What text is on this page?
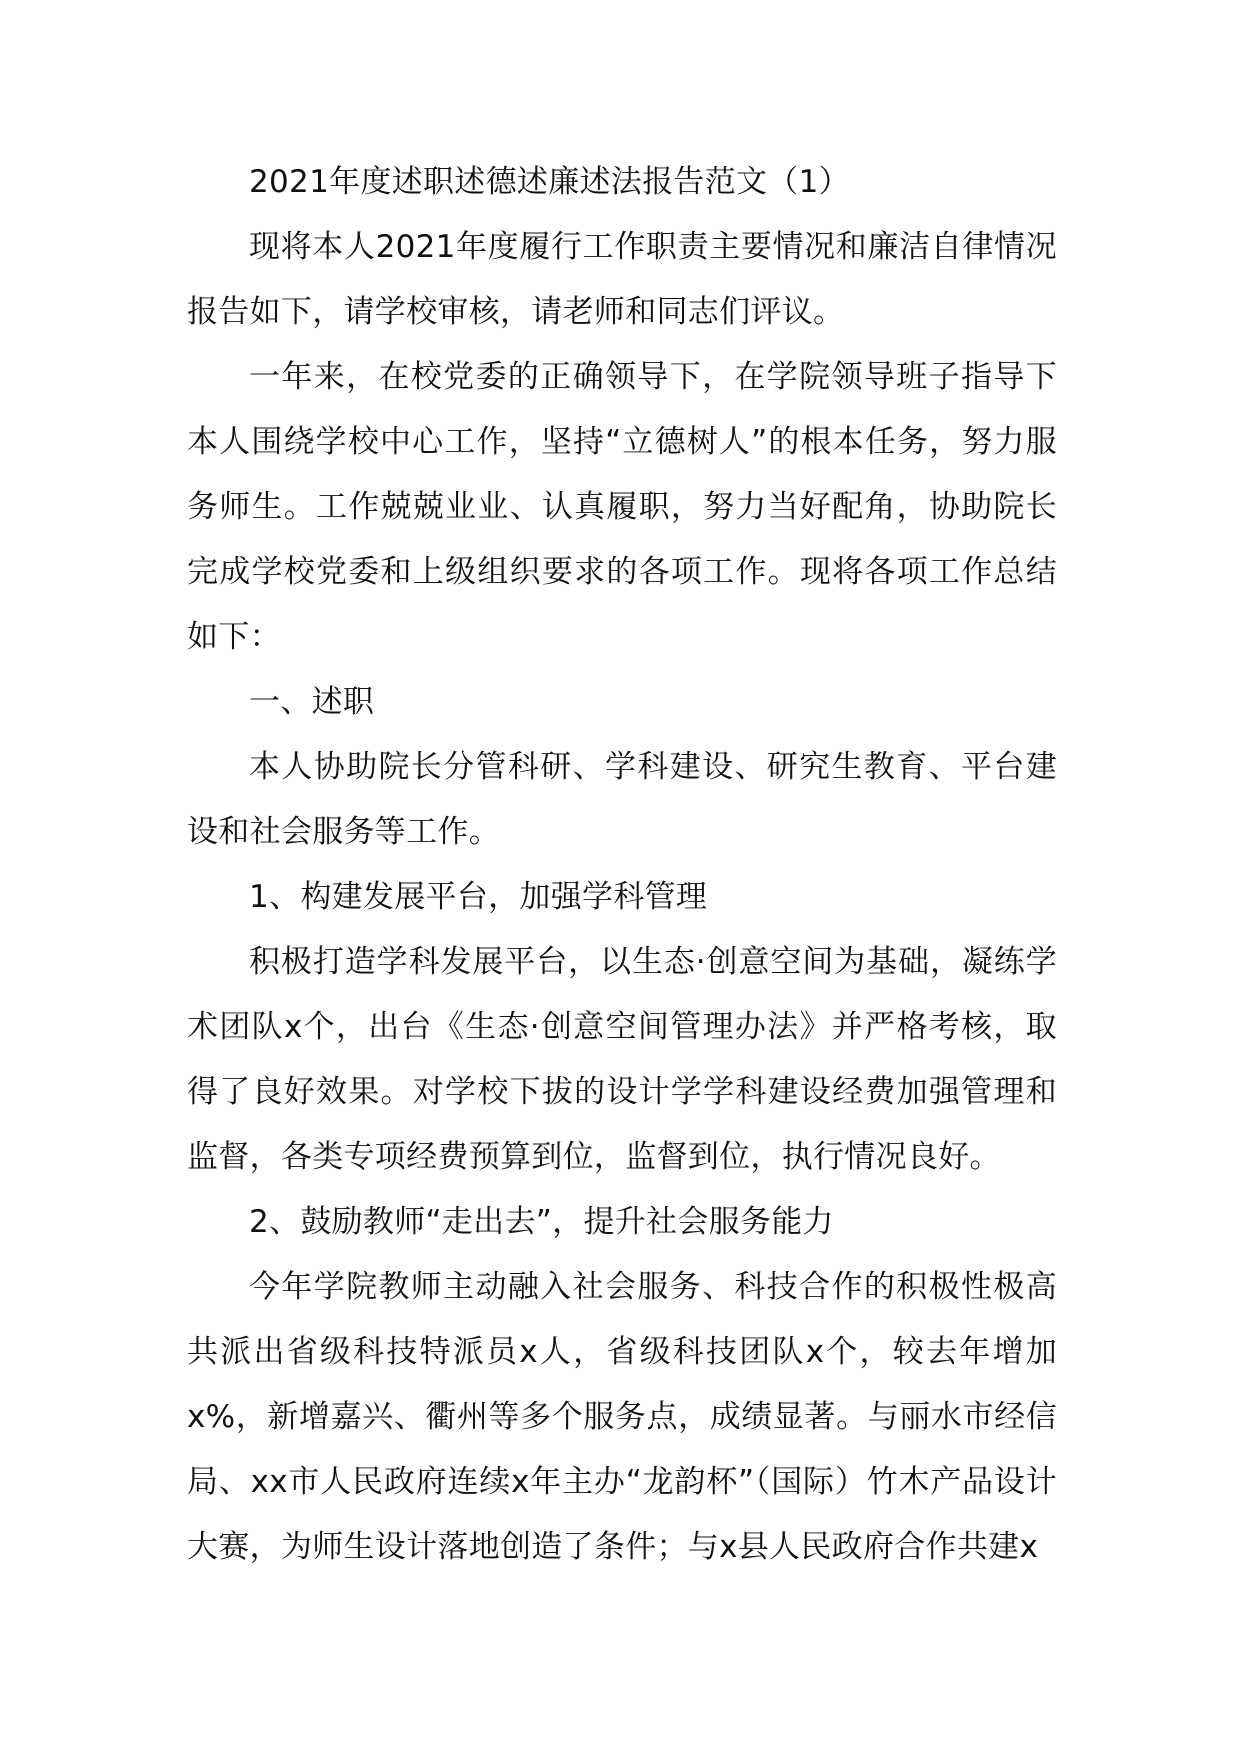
2021年度述职述德述廉述法报告范文（1）

现将本人2021年度履行工作职责主要情况和廉洁自律情况报告如下，请学校审核，请老师和同志们评议。

一年来，在校党委的正确领导下，在学院领导班子指导下本人围绕学校中心工作，坚持“立德树人”的根本任务，努力服务师生。工作兢兢业业、认真履职，努力当好配角，协助院长完成学校党委和上级组织要求的各项工作。现将各项工作总结如下：

一、述职

本人协助院长分管科研、学科建设、研究生教育、平台建设和社会服务等工作。

1、构建发展平台，加强学科管理

积极打造学科发展平台，以生态·创意空间为基础，凝练学术团队x个，出台《生态·创意空间管理办法》并严格考核，取得了良好效果。对学校下拔的设计学学科建设经费加强管理和监督，各类专项经费预算到位，监督到位，执行情况良好。

2、鼓励教师“走出去”，提升社会服务能力

今年学院教师主动融入社会服务、科技合作的积极性极高共派出省级科技特派员x人，省级科技团队x个，较去年增加x%，新增嘉兴、衢州等多个服务点，成绩显著。与丽水市经信局、xx市人民政府连续x年主办“龙韵杯”（国际）竹木产品设计大赛，为师生设计落地创造了条件；与x县人民政府合作共建x
